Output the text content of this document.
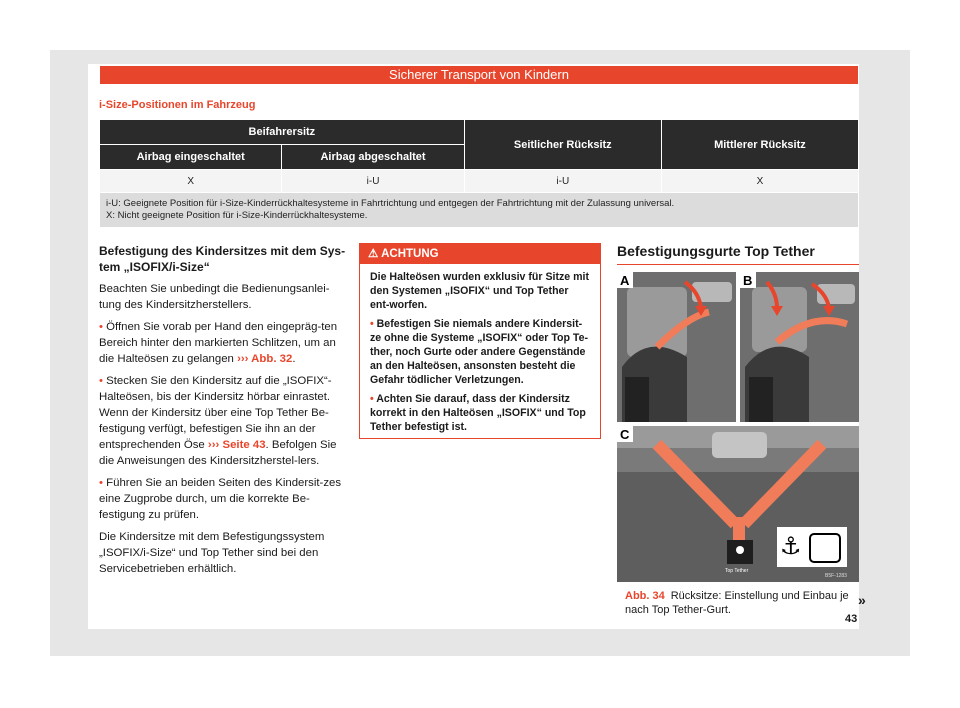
Sicherer Transport von Kindern
i-Size-Positionen im Fahrzeug
Beifahrersitz		Seitlicher Rücksitz	Mittlerer Rücksitz
Airbag eingeschaltet	Airbag abgeschaltet		
X	i-U	i-U	X

i-U: Geeignete Position für i-Size-Kinderrückhaltesysteme in Fahrtrichtung und entgegen der Fahrtrichtung mit der Zulassung universal.
X: Nicht geeignete Position für i-Size-Kinderrückhaltesysteme.			
Befestigung des Kindersitzes mit dem Sys-tem „ISOFIX/i-Size“

Beachten Sie unbedingt die Bedienungsanlei-tung des Kindersitzherstellers.

• Öffnen Sie vorab per Hand den eingepräg-ten Bereich hinter den markierten Schlitzen, um an die Halteösen zu gelangen ››› Abb. 32.

• Stecken Sie den Kindersitz auf die „ISOFIX“-Halteösen, bis der Kindersitz hörbar einrastet. Wenn der Kindersitz über eine Top Tether Be-festigung verfügt, befestigen Sie ihn an der entsprechenden Öse ››› Seite 43. Befolgen Sie die Anweisungen des Kindersitzherstel-lers.

• Führen Sie an beiden Seiten des Kindersit-zes eine Zugprobe durch, um die korrekte Be-festigung zu prüfen.

Die Kindersitze mit dem Befestigungssystem „ISOFIX/i-Size“ und Top Tether sind bei den Servicebetrieben erhältlich.

⚠ ACHTUNG

Die Halteösen wurden exklusiv für Sitze mit den Systemen „ISOFIX“ und Top Tether ent-worfen.

• Befestigen Sie niemals andere Kindersit-ze ohne die Systeme „ISOFIX“ oder Top Te-ther, noch Gurte oder andere Gegenstände an den Halteösen, ansonsten besteht die Gefahr tödlicher Verletzungen.

• Achten Sie darauf, dass der Kindersitz korrekt in den Halteösen „ISOFIX“ und Top Tether befestigt ist.

Befestigungsgurte Top Tether
A	B
⚓
Top Tether
B5F-1283
C
Abb. 34 Rücksitze: Einstellung und Einbau je nach Top Tether-Gurt.
»
43
